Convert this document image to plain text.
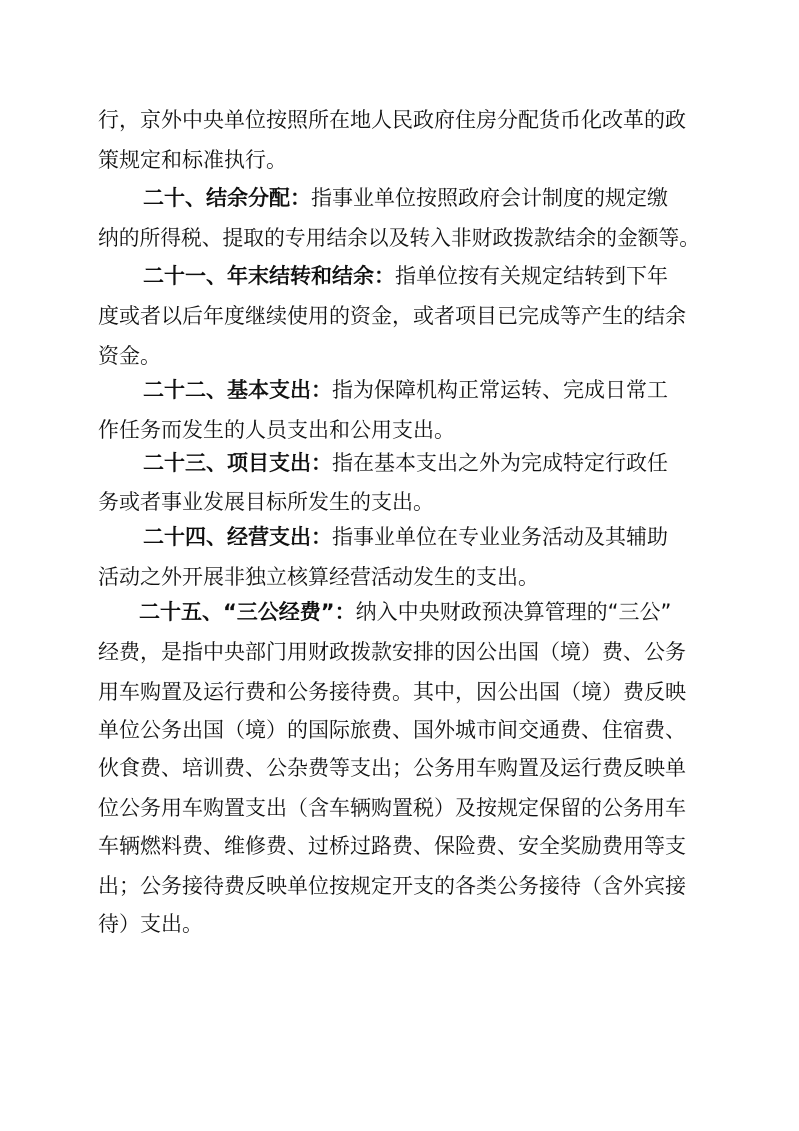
行，京外中央单位按照所在地人民政府住房分配货币化改革的政
策规定和标准执行。
二十、结余分配：指事业单位按照政府会计制度的规定缴
纳的所得税、提取的专用结余以及转入非财政拨款结余的金额等。
二十一、年末结转和结余：指单位按有关规定结转到下年
度或者以后年度继续使用的资金，或者项目已完成等产生的结余
资金。
二十二、基本支出：指为保障机构正常运转、完成日常工
作任务而发生的人员支出和公用支出。
二十三、项目支出：指在基本支出之外为完成特定行政任
务或者事业发展目标所发生的支出。
二十四、经营支出：指事业单位在专业业务活动及其辅助
活动之外开展非独立核算经营活动发生的支出。
二十五、“三公经费”：纳入中央财政预决算管理的“三公”
经费，是指中央部门用财政拨款安排的因公出国（境）费、公务
用车购置及运行费和公务接待费。其中，因公出国（境）费反映
单位公务出国（境）的国际旅费、国外城市间交通费、住宿费、
伙食费、培训费、公杂费等支出；公务用车购置及运行费反映单
位公务用车购置支出（含车辆购置税）及按规定保留的公务用车
车辆燃料费、维修费、过桥过路费、保险费、安全奖励费用等支
出；公务接待费反映单位按规定开支的各类公务接待（含外宾接
待）支出。
